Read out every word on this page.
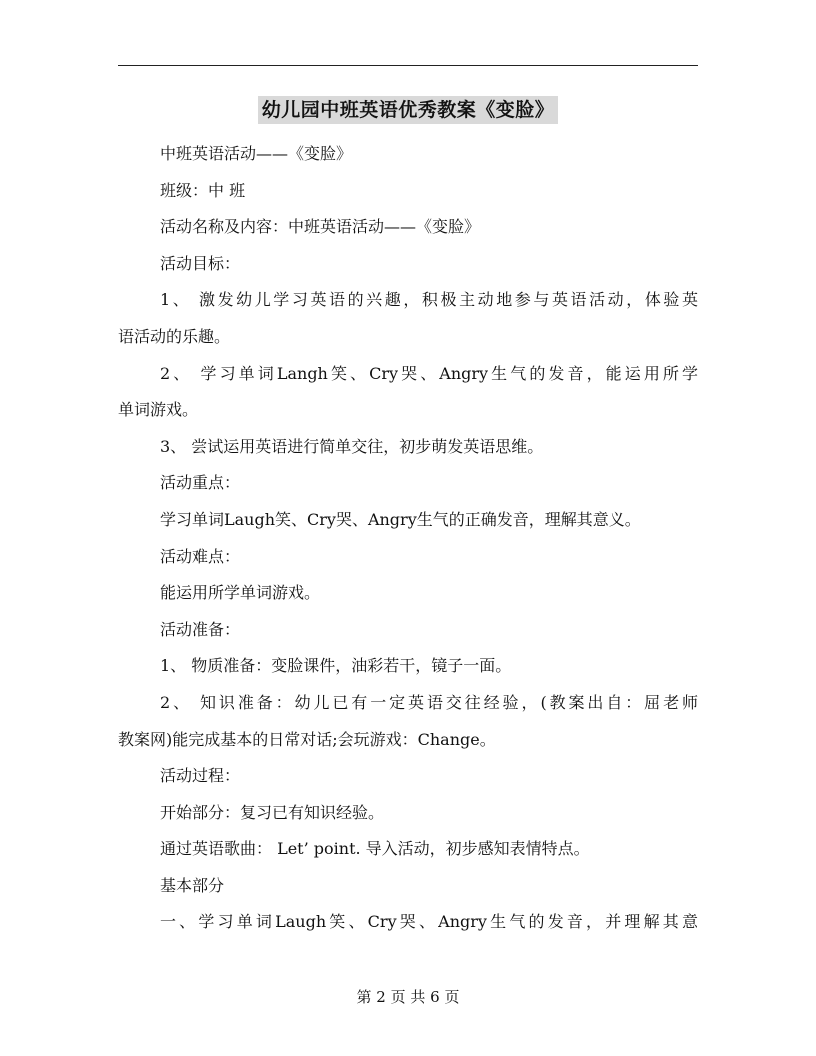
幼儿园中班英语优秀教案《变脸》
中班英语活动——《变脸》
班级：中 班
活动名称及内容：中班英语活动——《变脸》
活动目标：
1、 激发幼儿学习英语的兴趣，积极主动地参与英语活动，体验英
语活动的乐趣。
2、 学习单词Langh笑、Cry哭、Angry生气的发音，能运用所学
单词游戏。
3、 尝试运用英语进行简单交往，初步萌发英语思维。
活动重点：
学习单词Laugh笑、Cry哭、Angry生气的正确发音，理解其意义。
活动难点：
能运用所学单词游戏。
活动准备：
1、 物质准备：变脸课件，油彩若干，镜子一面。
2、 知识准备：幼儿已有一定英语交往经验，(教案出自：屈老师
教案网)能完成基本的日常对话;会玩游戏：Change。
活动过程：
开始部分：复习已有知识经验。
通过英语歌曲： Let’ point. 导入活动，初步感知表情特点。
基本部分
一、学习单词Laugh笑、Cry哭、Angry生气的发音，并理解其意
第 2 页 共 6 页
